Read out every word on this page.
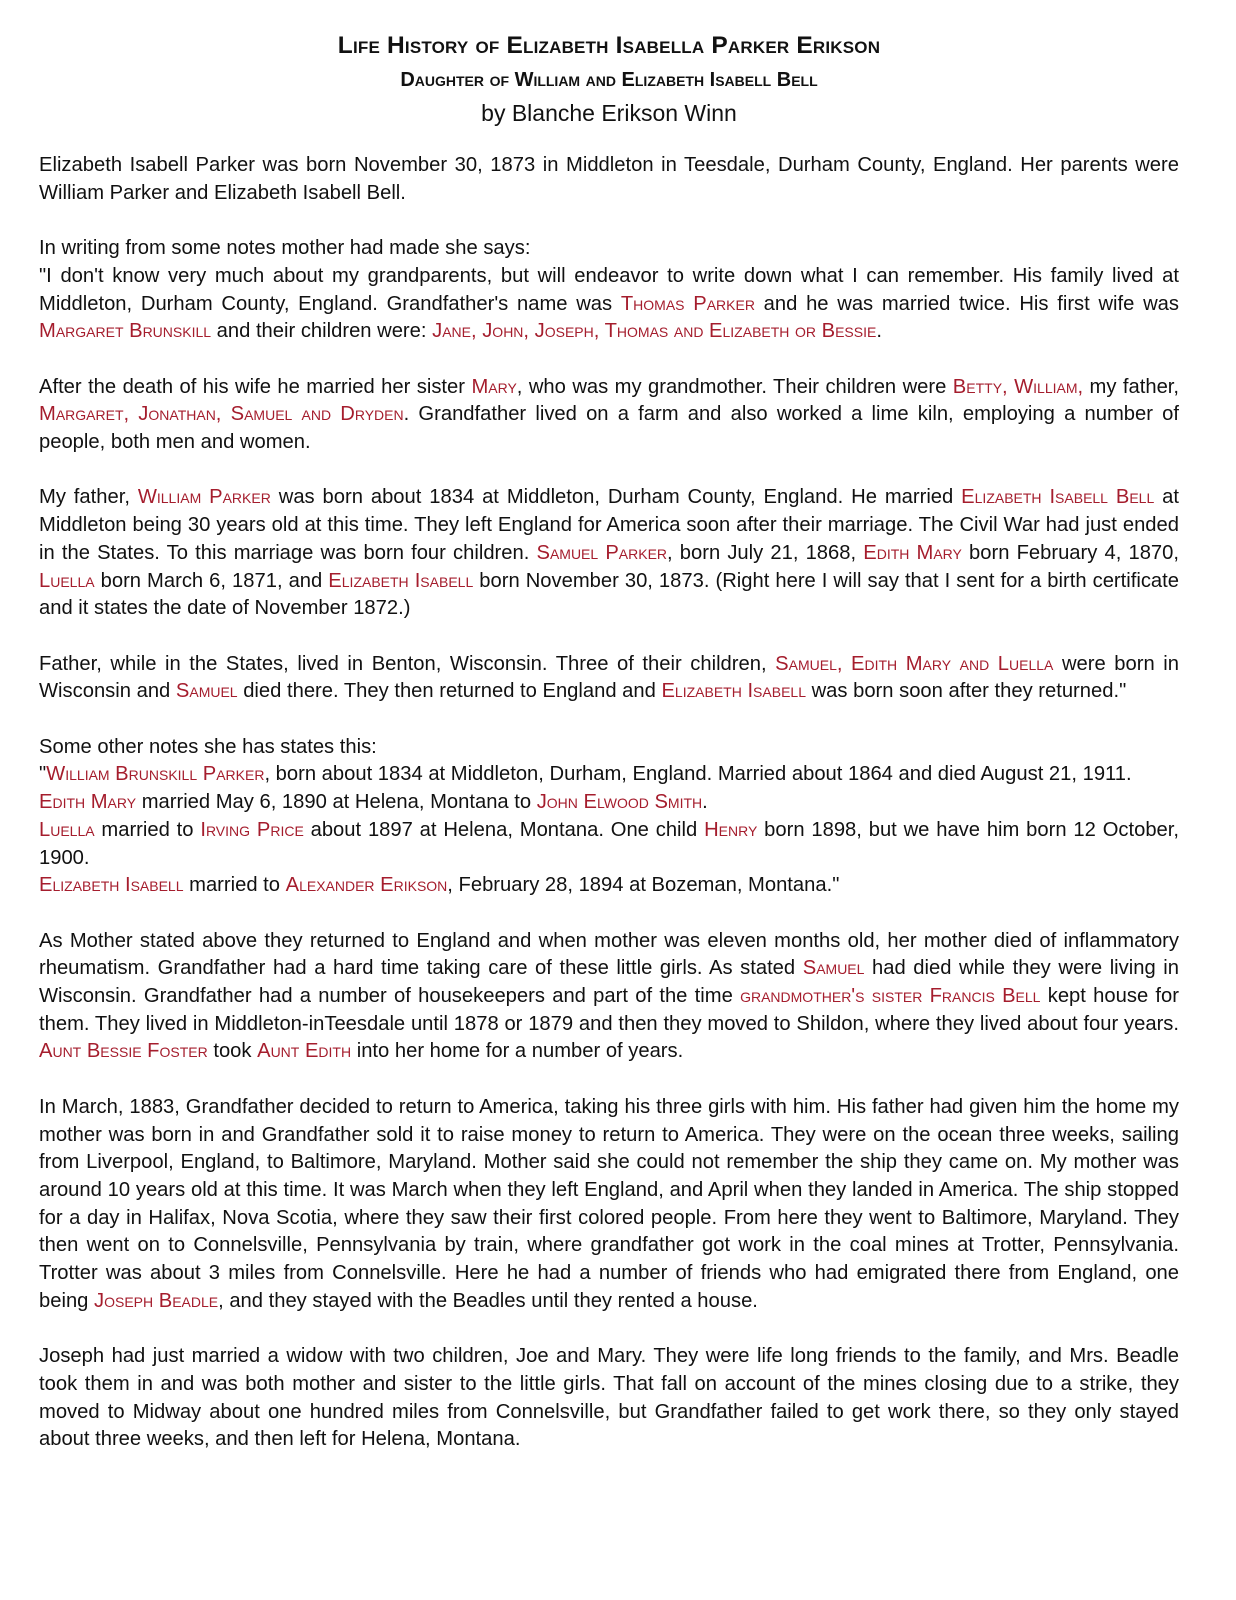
Life History of Elizabeth Isabella Parker Erikson
Daughter of William and Elizabeth Isabell Bell
by Blanche Erikson Winn
Elizabeth Isabell Parker was born November 30, 1873 in Middleton in Teesdale, Durham County, England. Her parents were William Parker and Elizabeth Isabell Bell.
In writing from some notes mother had made she says:
"I don't know very much about my grandparents, but will endeavor to write down what I can remember. His family lived at Middleton, Durham County, England. Grandfather's name was Thomas Parker and he was married twice. His first wife was Margaret Brunskill and their children were: Jane, John, Joseph, Thomas and Elizabeth or Bessie.
After the death of his wife he married her sister Mary, who was my grandmother. Their children were Betty, William, my father, Margaret, Jonathan, Samuel and Dryden. Grandfather lived on a farm and also worked a lime kiln, employing a number of people, both men and women.
My father, William Parker was born about 1834 at Middleton, Durham County, England. He married Elizabeth Isabell Bell at Middleton being 30 years old at this time. They left England for America soon after their marriage. The Civil War had just ended in the States. To this marriage was born four children. Samuel Parker, born July 21, 1868, Edith Mary born February 4, 1870, Luella born March 6, 1871, and Elizabeth Isabell born November 30, 1873. (Right here I will say that I sent for a birth certificate and it states the date of November 1872.)
Father, while in the States, lived in Benton, Wisconsin. Three of their children, Samuel, Edith Mary and Luella were born in Wisconsin and Samuel died there. They then returned to England and Elizabeth Isabell was born soon after they returned."
Some other notes she has states this:
"William Brunskill Parker, born about 1834 at Middleton, Durham, England. Married about 1864 and died August 21, 1911.
Edith Mary married May 6, 1890 at Helena, Montana to John Elwood Smith.
Luella married to Irving Price about 1897 at Helena, Montana. One child Henry born 1898, but we have him born 12 October, 1900.
Elizabeth Isabell married to Alexander Erikson, February 28, 1894 at Bozeman, Montana."
As Mother stated above they returned to England and when mother was eleven months old, her mother died of inflammatory rheumatism. Grandfather had a hard time taking care of these little girls. As stated Samuel had died while they were living in Wisconsin. Grandfather had a number of housekeepers and part of the time grandmother's sister Francis Bell kept house for them. They lived in Middleton-inTeesdale until 1878 or 1879 and then they moved to Shildon, where they lived about four years. Aunt Bessie Foster took Aunt Edith into her home for a number of years.
In March, 1883, Grandfather decided to return to America, taking his three girls with him. His father had given him the home my mother was born in and Grandfather sold it to raise money to return to America. They were on the ocean three weeks, sailing from Liverpool, England, to Baltimore, Maryland. Mother said she could not remember the ship they came on. My mother was around 10 years old at this time. It was March when they left England, and April when they landed in America. The ship stopped for a day in Halifax, Nova Scotia, where they saw their first colored people. From here they went to Baltimore, Maryland. They then went on to Connelsville, Pennsylvania by train, where grandfather got work in the coal mines at Trotter, Pennsylvania. Trotter was about 3 miles from Connelsville. Here he had a number of friends who had emigrated there from England, one being Joseph Beadle, and they stayed with the Beadles until they rented a house.
Joseph had just married a widow with two children, Joe and Mary. They were life long friends to the family, and Mrs. Beadle took them in and was both mother and sister to the little girls. That fall on account of the mines closing due to a strike, they moved to Midway about one hundred miles from Connelsville, but Grandfather failed to get work there, so they only stayed about three weeks, and then left for Helena, Montana.
